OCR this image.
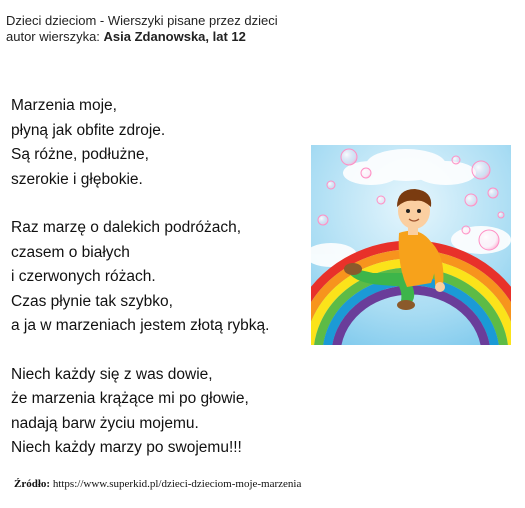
Dzieci dzieciom - Wierszyki pisane przez dzieci
autor wierszyka: Asia Zdanowska, lat 12
Marzenia moje,
płyną jak obfite zdroje.
Są różne, podłużne,
szerokie i głębokie.
Raz marzę o dalekich podróżach,
czasem o białych
i czerwonych różach.
Czas płynie tak szybko,
a ja w marzeniach jestem złotą rybką.
Niech każdy się z was dowie,
że marzenia krążące mi po głowie,
nadają barw życiu mojemu.
Niech każdy marzy po swojemu!!!
Źródło: https://www.superkid.pl/dzieci-dzieciom-moje-marzenia
